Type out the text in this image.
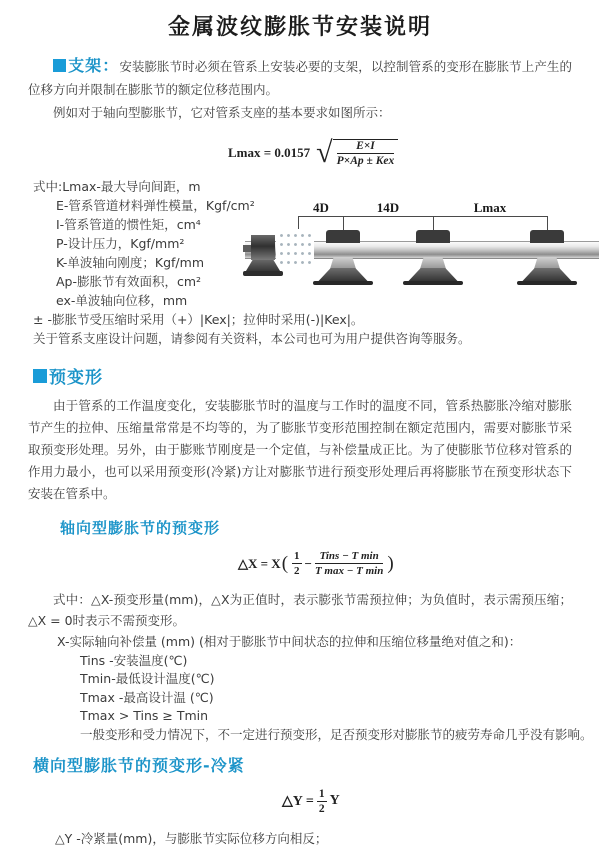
金属波纹膨胀节安装说明

支架：安装膨胀节时必须在管系上安装必要的支架，以控制管系的变形在膨胀节上产生的位移方向并限制在膨胀节的额定位移范围内。

例如对于轴向型膨胀节，它对管系支座的基本要求如图所示：

Lmax = 0.0157 √	E×I
P×Ap ± Kex
式中:Lmax-最大导向间距，m
E-管系管道材料弹性模量，Kgf/cm²
I-管系管道的惯性矩，cm⁴
P-设计压力，Kgf/mm²
K-单波轴向刚度；Kgf/mm
Ap-膨胀节有效面积，cm²
ex-单波轴向位移，mm
± -膨胀节受压缩时采用（+）|Kex|；拉伸时采用(-)|Kex|。
关于管系支座设计问题，请参阅有关资料，本公司也可为用户提供咨询等服务。
4D	14D	Lmax
预变形

由于管系的工作温度变化，安装膨胀节时的温度与工作时的温度不同，管系热膨胀冷缩对膨胀节产生的拉伸、压缩量常常是不均等的，为了膨胀节变形范围控制在额定范围内，需要对膨胀节采取预变形处理。另外，由于膨账节刚度是一个定值，与补偿量成正比。为了使膨胀节位移对管系的作用力最小，也可以采用预变形(冷紧)方让对膨胀节进行预变形处理后再将膨胀节在预变形状态下安装在管系中。

轴向型膨胀节的预变形
△X = X ( $\frac{1}{2} - \frac{\text{Tins − T min}}{\text{T max − T min}}$ )

式中：△X-预变形量(mm)，△X为正值时，表示膨张节需预拉伸；为负值时，表示需预压缩；△X = 0时表示不需预变形。

X-实际轴向补偿量 (mm) (相对于膨胀节中间状态的拉伸和压缩位移量绝对值之和)：
Tins -安装温度(℃)
Tmin-最低设计温度(℃)
Tmax -最高设计温 (℃)
Tmax > Tins ≥ Tmin
一般变形和受力情况下，不一定进行预变形，足否预变形对膨胀节的疲劳寿命几乎没有影响。
横向型膨胀节的预变形-冷紧
△Y = $\frac{1}{2}$ Y

△Y -冷紧量(mm)，与膨胀节实际位移方向相反；
